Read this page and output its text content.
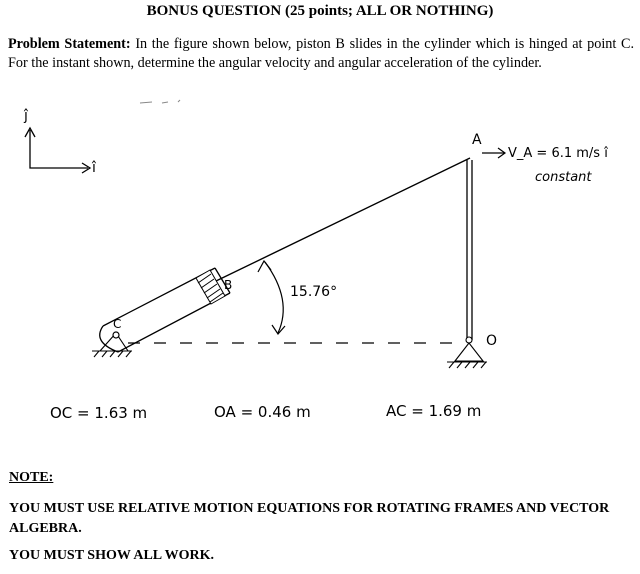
BONUS QUESTION (25 points; ALL OR NOTHING)
Problem Statement: In the figure shown below, piston B slides in the cylinder which is hinged at point C. For the instant shown, determine the angular velocity and angular acceleration of the cylinder.
ĵ
î
C
B
A
O
15.76°
V_A = 6.1 m/s î
constant
OC = 1.63 m	OA = 0.46 m	AC = 1.69 m
NOTE:
YOU MUST USE RELATIVE MOTION EQUATIONS FOR ROTATING FRAMES AND VECTOR ALGEBRA.
YOU MUST SHOW ALL WORK.
